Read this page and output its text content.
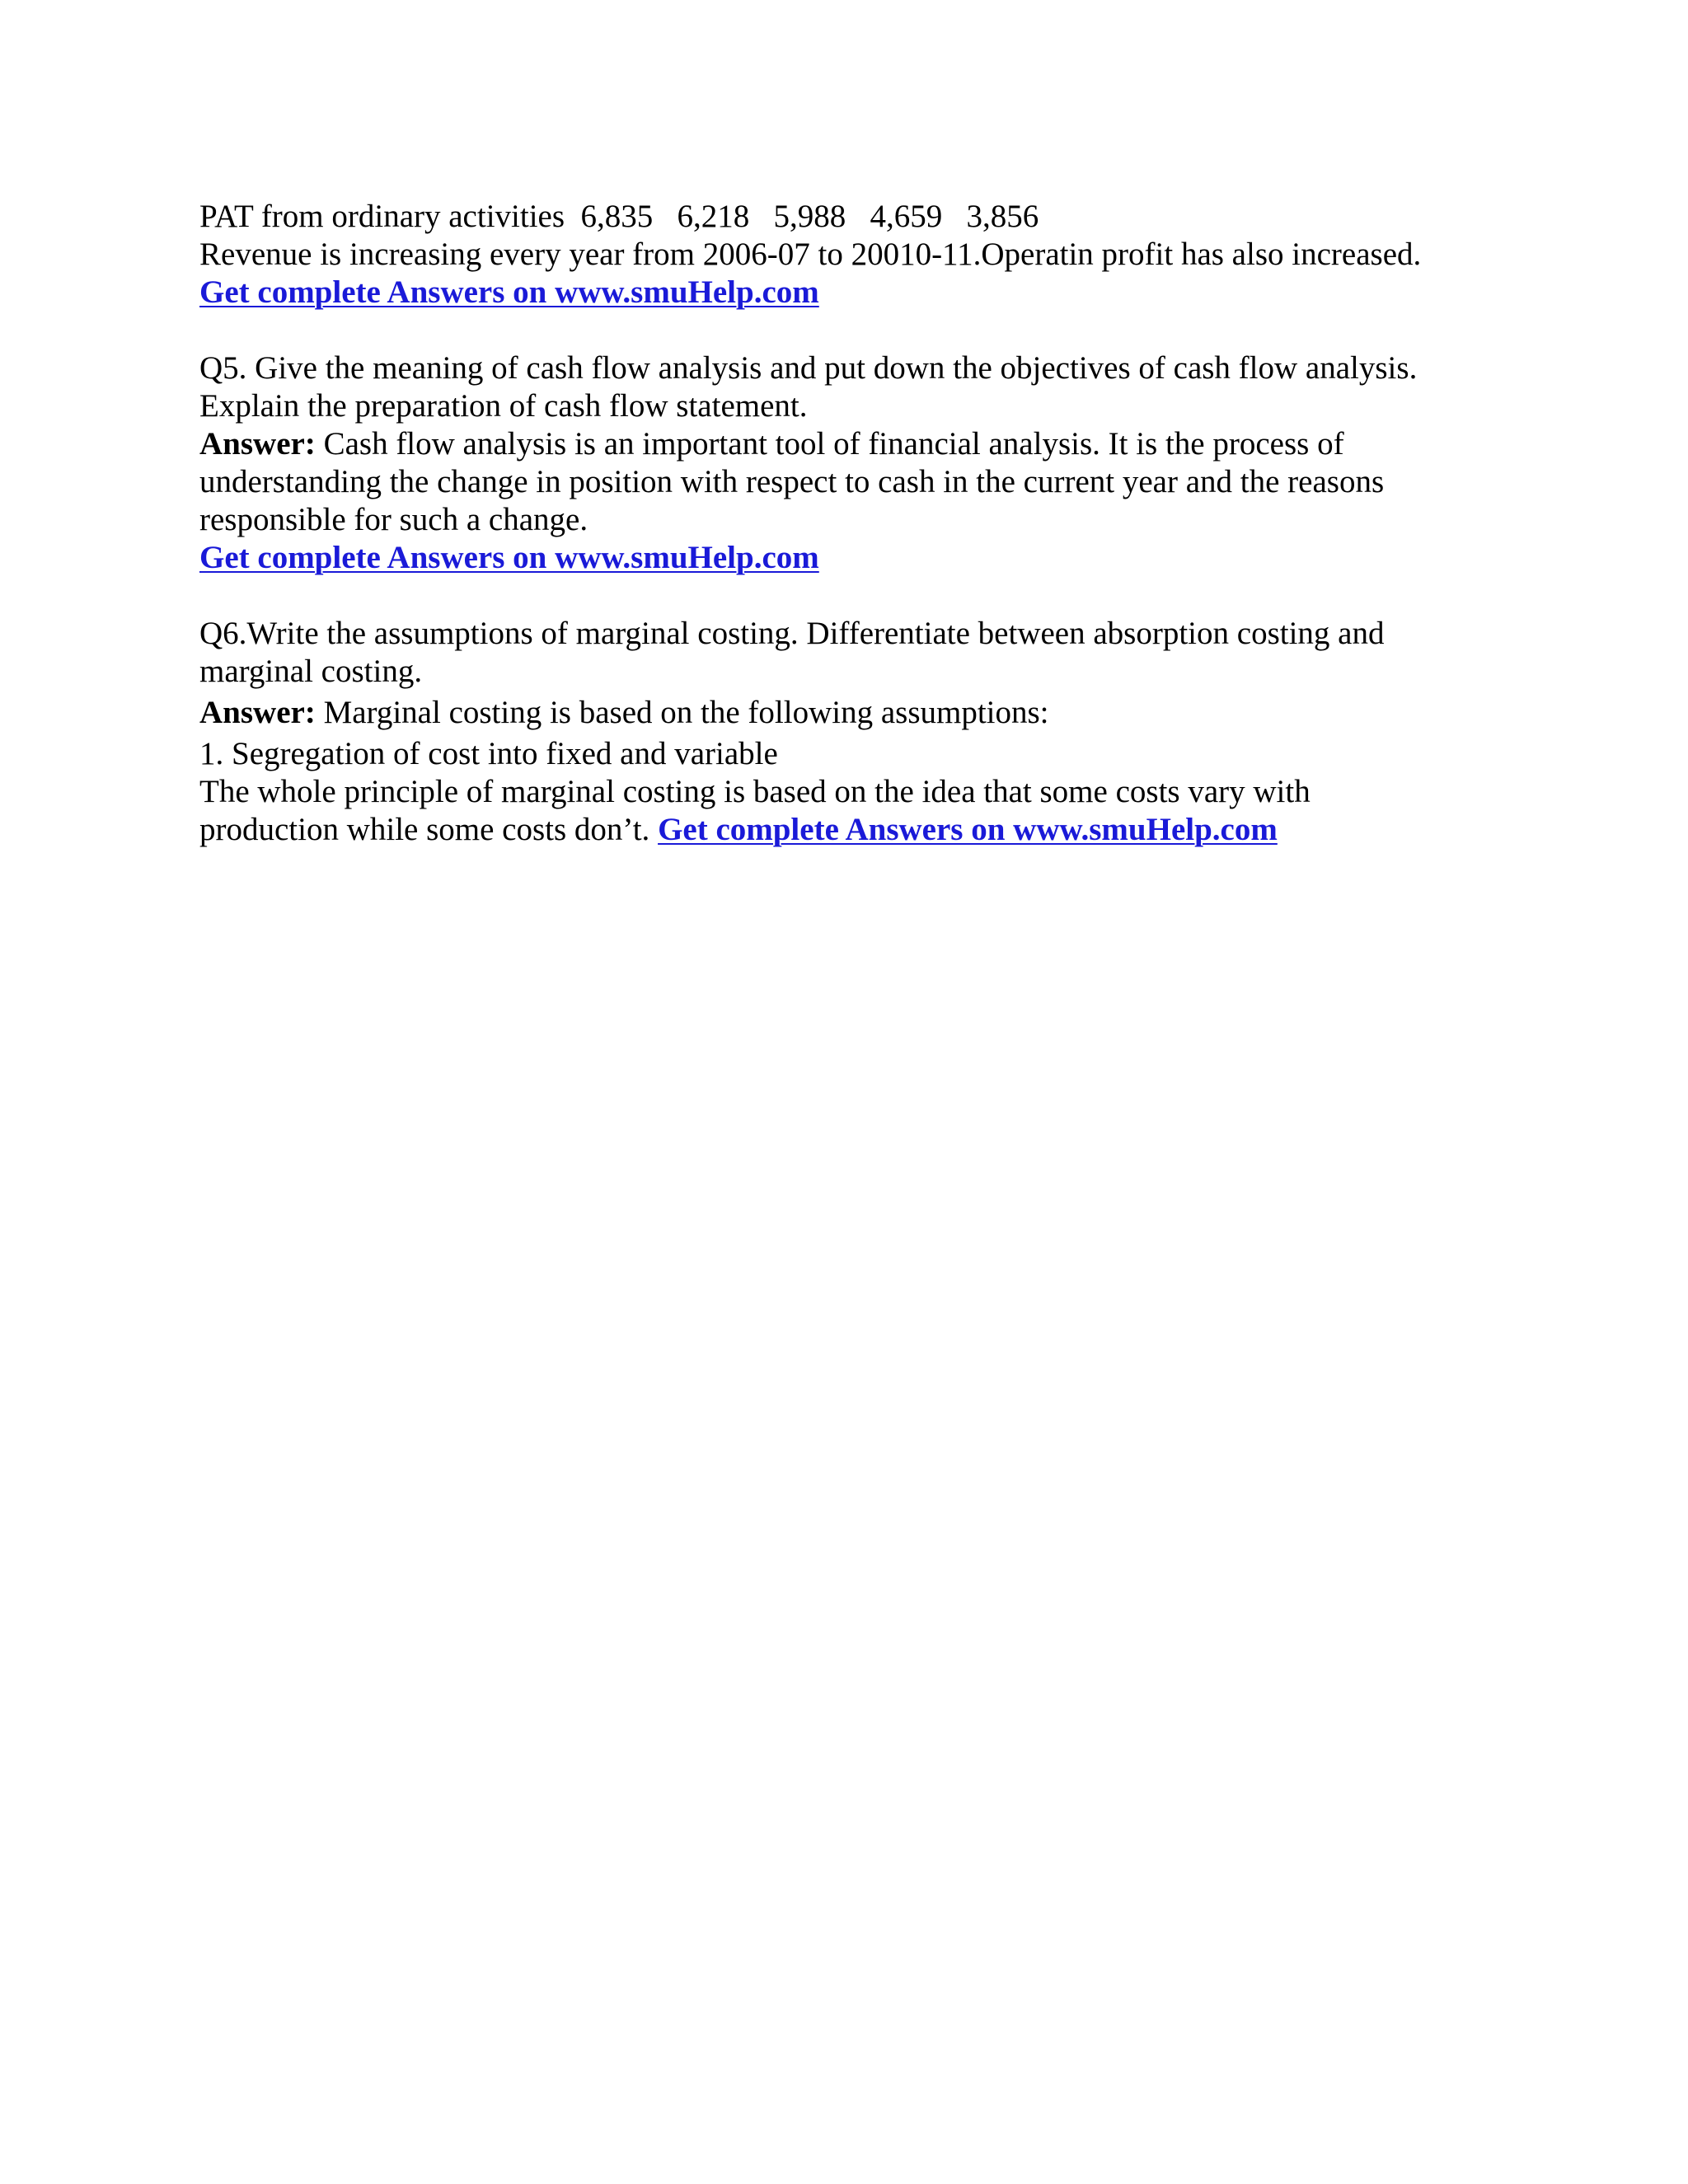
PAT from ordinary activities 6,835 6,218 5,988 4,659 3,856
Revenue is increasing every year from 2006-07 to 20010-11.Operatin profit has also increased.
Get complete Answers on www.smuHelp.com
Q5. Give the meaning of cash flow analysis and put down the objectives of cash flow analysis.
Explain the preparation of cash flow statement.
Answer: Cash flow analysis is an important tool of financial analysis. It is the process of
understanding the change in position with respect to cash in the current year and the reasons
responsible for such a change.
Get complete Answers on www.smuHelp.com
Q6.Write the assumptions of marginal costing. Differentiate between absorption costing and
marginal costing.
Answer: Marginal costing is based on the following assumptions:
1. Segregation of cost into fixed and variable
The whole principle of marginal costing is based on the idea that some costs vary with
production while some costs don’t. Get complete Answers on www.smuHelp.com
